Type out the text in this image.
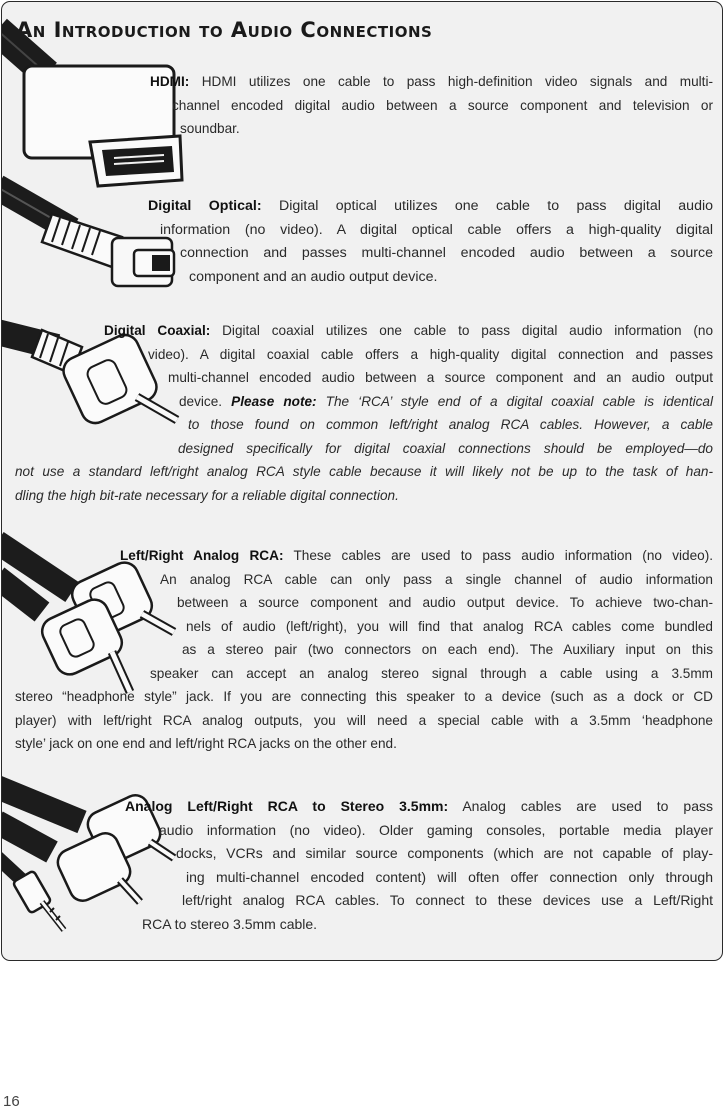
An Introduction to Audio Connections
HDMI: HDMI utilizes one cable to pass high-definition video signals and multi-
channel encoded digital audio between a source component and television or
soundbar.
Digital Optical: Digital optical utilizes one cable to pass digital audio
information (no video). A digital optical cable offers a high-quality digital
connection and passes multi-channel encoded audio between a source
component and an audio output device.
Digital Coaxial: Digital coaxial utilizes one cable to pass digital audio information (no
video). A digital coaxial cable offers a high-quality digital connection and passes
multi-channel encoded audio between a source component and an audio output
device. Please note: The ‘RCA’ style end of a digital coaxial cable is identical
to those found on common left/right analog RCA cables. However, a cable
designed specifically for digital coaxial connections should be employed—do
not use a standard left/right analog RCA style cable because it will likely not be up to the task of han-
dling the high bit-rate necessary for a reliable digital connection.
Left/Right Analog RCA: These cables are used to pass audio information (no video).
An analog RCA cable can only pass a single channel of audio information
between a source component and audio output device. To achieve two-chan-
nels of audio (left/right), you will find that analog RCA cables come bundled
as a stereo pair (two connectors on each end). The Auxiliary input on this
speaker can accept an analog stereo signal through a cable using a 3.5mm
stereo “headphone style” jack. If you are connecting this speaker to a device (such as a dock or CD
player) with left/right RCA analog outputs, you will need a special cable with a 3.5mm ‘headphone
style’ jack on one end and left/right RCA jacks on the other end.
Analog Left/Right RCA to Stereo 3.5mm: Analog cables are used to pass
audio information (no video). Older gaming consoles, portable media player
docks, VCRs and similar source components (which are not capable of play-
ing multi-channel encoded content) will often offer connection only through
left/right analog RCA cables. To connect to these devices use a Left/Right
RCA to stereo 3.5mm cable.
16
